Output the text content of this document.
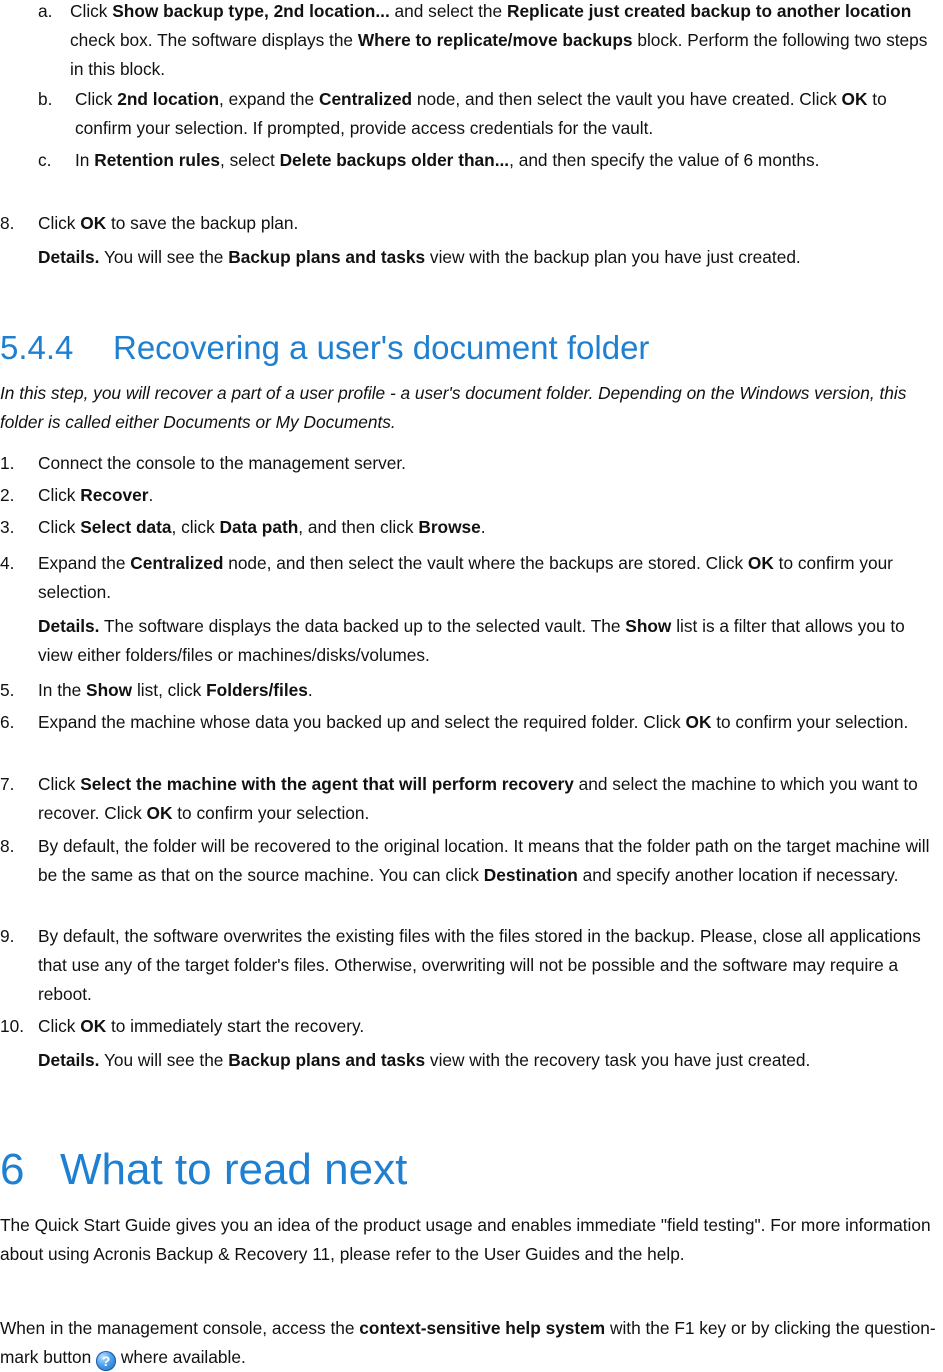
a. Click Show backup type, 2nd location... and select the Replicate just created backup to another location check box. The software displays the Where to replicate/move backups block. Perform the following two steps in this block.
b. Click 2nd location, expand the Centralized node, and then select the vault you have created. Click OK to confirm your selection. If prompted, provide access credentials for the vault.
c. In Retention rules, select Delete backups older than..., and then specify the value of 6 months.
8. Click OK to save the backup plan.
Details. You will see the Backup plans and tasks view with the backup plan you have just created.
5.4.4 Recovering a user's document folder
In this step, you will recover a part of a user profile - a user's document folder. Depending on the Windows version, this folder is called either Documents or My Documents.
1. Connect the console to the management server.
2. Click Recover.
3. Click Select data, click Data path, and then click Browse.
4. Expand the Centralized node, and then select the vault where the backups are stored. Click OK to confirm your selection.
Details. The software displays the data backed up to the selected vault. The Show list is a filter that allows you to view either folders/files or machines/disks/volumes.
5. In the Show list, click Folders/files.
6. Expand the machine whose data you backed up and select the required folder. Click OK to confirm your selection.
7. Click Select the machine with the agent that will perform recovery and select the machine to which you want to recover. Click OK to confirm your selection.
8. By default, the folder will be recovered to the original location. It means that the folder path on the target machine will be the same as that on the source machine. You can click Destination and specify another location if necessary.
9. By default, the software overwrites the existing files with the files stored in the backup. Please, close all applications that use any of the target folder's files. Otherwise, overwriting will not be possible and the software may require a reboot.
10. Click OK to immediately start the recovery.
Details. You will see the Backup plans and tasks view with the recovery task you have just created.
6 What to read next
The Quick Start Guide gives you an idea of the product usage and enables immediate "field testing". For more information about using Acronis Backup & Recovery 11, please refer to the User Guides and the help.
When in the management console, access the context-sensitive help system with the F1 key or by clicking the question-mark button ? where available.
